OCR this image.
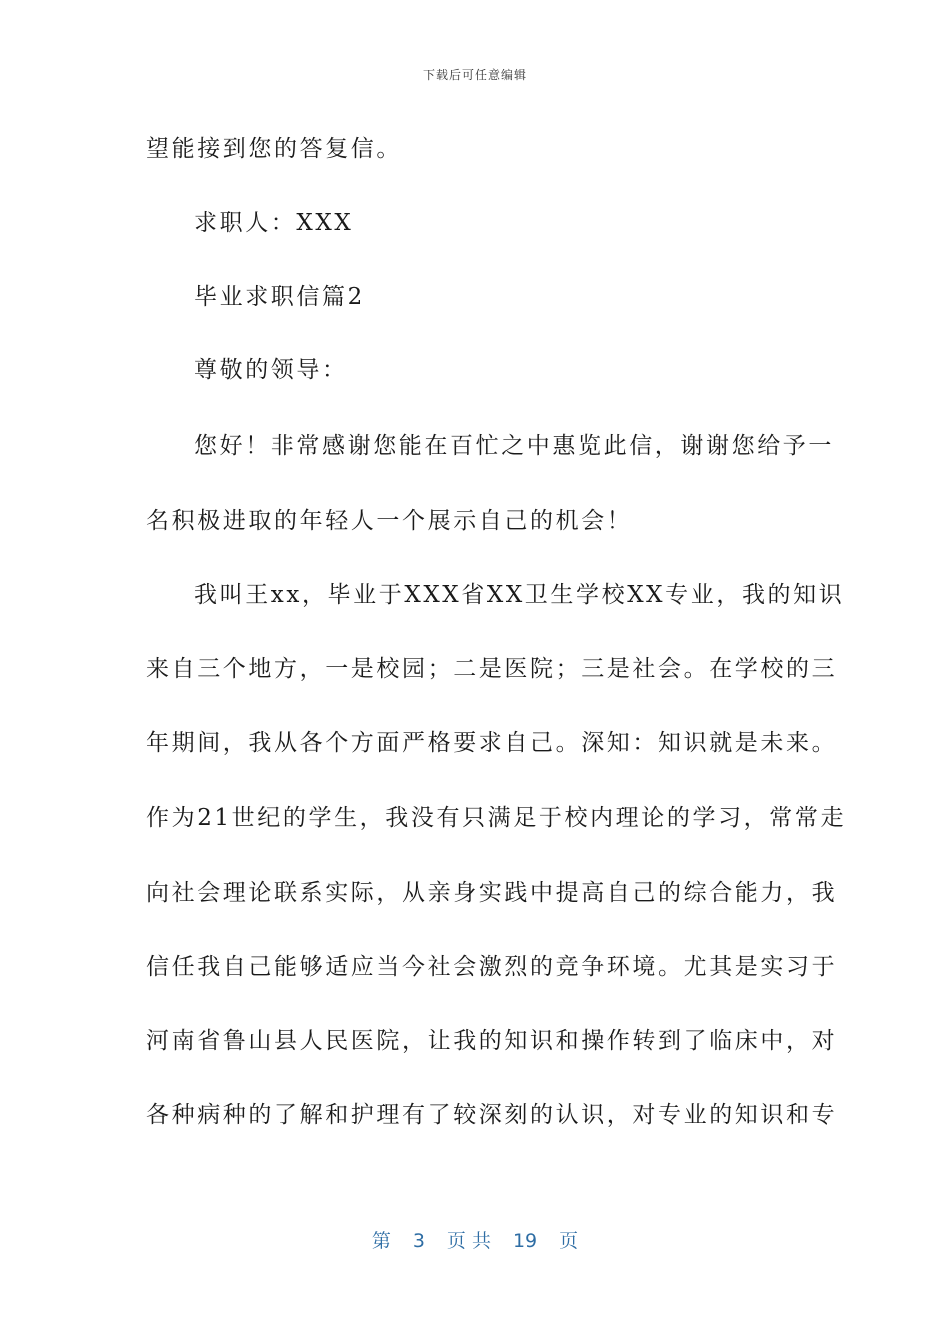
下载后可任意编辑
望能接到您的答复信。
求职人：XXX
毕业求职信篇2
尊敬的领导：
您好！非常感谢您能在百忙之中惠览此信，谢谢您给予一
名积极进取的年轻人一个展示自己的机会！
我叫王xx，毕业于XXX省XX卫生学校XX专业，我的知识
来自三个地方，一是校园；二是医院；三是社会。在学校的三
年期间，我从各个方面严格要求自己。深知：知识就是未来。
作为21世纪的学生，我没有只满足于校内理论的学习，常常走
向社会理论联系实际，从亲身实践中提高自己的综合能力，我
信任我自己能够适应当今社会激烈的竞争环境。尤其是实习于
河南省鲁山县人民医院，让我的知识和操作转到了临床中，对
各种病种的了解和护理有了较深刻的认识，对专业的知识和专
第 3 页 共 19 页
